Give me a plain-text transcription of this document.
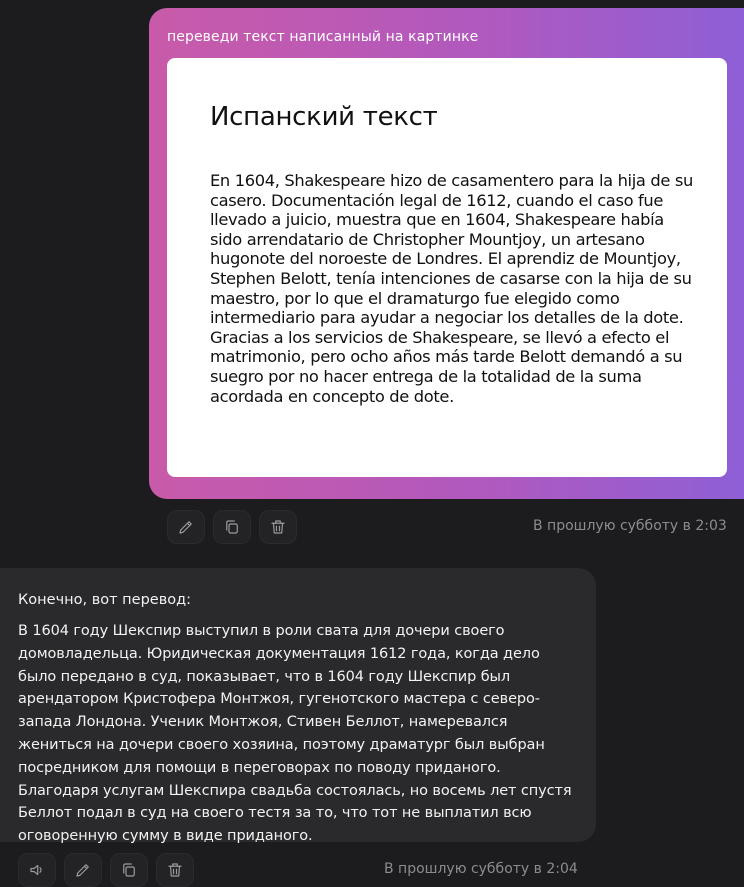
переведи текст написанный на картинке
Испанский текст
En 1604, Shakespeare hizo de casamentero para la hija de su casero. Documentación legal de 1612, cuando el caso fue llevado a juicio, muestra que en 1604, Shakespeare había sido arrendatario de Christopher Mountjoy, un artesano hugonote del noroeste de Londres. El aprendiz de Mountjoy, Stephen Belott, tenía intenciones de casarse con la hija de su maestro, por lo que el dramaturgo fue elegido como intermediario para ayudar a negociar los detalles de la dote. Gracias a los servicios de Shakespeare, se llevó a efecto el matrimonio, pero ocho años más tarde Belott demandó a su suegro por no hacer entrega de la totalidad de la suma acordada en concepto de dote.
В прошлую субботу в 2:03

Конечно, вот перевод:

В 1604 году Шекспир выступил в роли свата для дочери своего домовладельца. Юридическая документация 1612 года, когда дело было передано в суд, показывает, что в 1604 году Шекспир был арендатором Кристофера Монтжоя, гугенотского мастера с северо-запада Лондона. Ученик Монтжоя, Стивен Беллот, намеревался жениться на дочери своего хозяина, поэтому драматург был выбран посредником для помощи в переговорах по поводу приданого. Благодаря услугам Шекспира свадьба состоялась, но восемь лет спустя Беллот подал в суд на своего тестя за то, что тот не выплатил всю оговоренную сумму в виде приданого.

В прошлую субботу в 2:04
